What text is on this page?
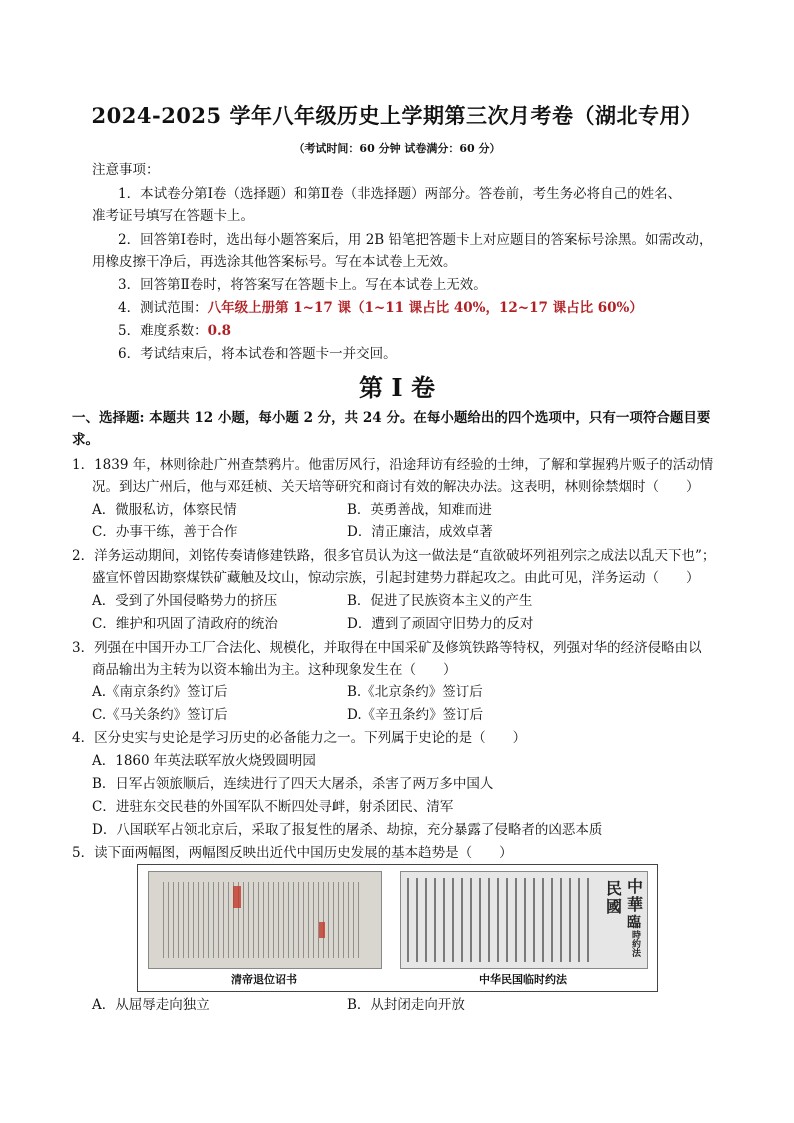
2024-2025 学年八年级历史上学期第三次月考卷（湖北专用）
（考试时间：60 分钟 试卷满分：60 分）
注意事项：
1．本试卷分第Ⅰ卷（选择题）和第Ⅱ卷（非选择题）两部分。答卷前，考生务必将自己的姓名、
准考证号填写在答题卡上。
2．回答第Ⅰ卷时，选出每小题答案后，用 2B 铅笔把答题卡上对应题目的答案标号涂黑。如需改动，
用橡皮擦干净后，再选涂其他答案标号。写在本试卷上无效。
3．回答第Ⅱ卷时，将答案写在答题卡上。写在本试卷上无效。
4．测试范围：八年级上册第 1~17 课（1~11 课占比 40%，12~17 课占比 60%）
5．难度系数：0.8
6．考试结束后，将本试卷和答题卡一并交回。
第 I 卷
一、选择题: 本题共 12 小题，每小题 2 分，共 24 分。在每小题给出的四个选项中，只有一项符合题目要
求。
1．1839 年，林则徐赴广州查禁鸦片。他雷厉风行，沿途拜访有经验的士绅，了解和掌握鸦片贩子的活动情
况。到达广州后，他与邓廷桢、关天培等研究和商讨有效的解决办法。这表明，林则徐禁烟时（　　）
A．微服私访，体察民情	B．英勇善战，知难而进
C．办事干练，善于合作	D．清正廉洁，成效卓著
2．洋务运动期间，刘铭传奏请修建铁路，很多官员认为这一做法是“直欲破坏列祖列宗之成法以乱天下也”；
盛宣怀曾因勘察煤铁矿藏触及坟山，惊动宗族，引起封建势力群起攻之。由此可见，洋务运动（　　）
A．受到了外国侵略势力的挤压	B．促进了民族资本主义的产生
C．维护和巩固了清政府的统治	D．遭到了顽固守旧势力的反对
3．列强在中国开办工厂合法化、规模化，并取得在中国采矿及修筑铁路等特权，列强对华的经济侵略由以
商品输出为主转为以资本输出为主。这种现象发生在（　　）
A.《南京条约》签订后	B.《北京条约》签订后
C.《马关条约》签订后	D.《辛丑条约》签订后
4．区分史实与史论是学习历史的必备能力之一。下列属于史论的是（　　）
A．1860 年英法联军放火烧毁圆明园
B．日军占领旅顺后，连续进行了四天大屠杀，杀害了两万多中国人
C．进驻东交民巷的外国军队不断四处寻衅，射杀团民、清军
D．八国联军占领北京后，采取了报复性的屠杀、劫掠，充分暴露了侵略者的凶恶本质
5．读下面两幅图，两幅图反映出近代中国历史发展的基本趋势是（　　）
清帝退位诏书
中
華
民
國
臨
時約法
中华民国临时约法
A．从屈辱走向独立	B．从封闭走向开放
